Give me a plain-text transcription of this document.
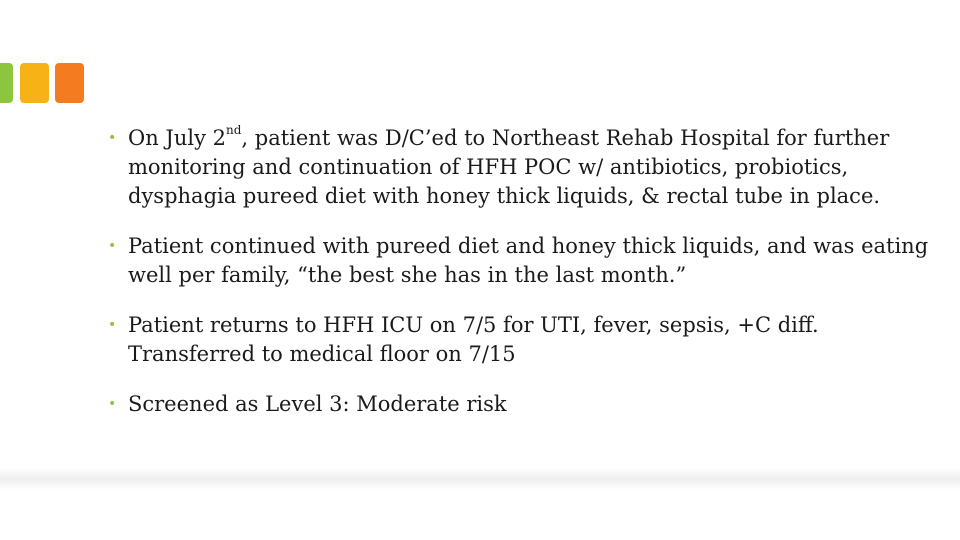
• On July 2nd, patient was D/C’ed to Northeast Rehab Hospital for further monitoring and continuation of HFH POC w/ antibiotics, probiotics, dysphagia pureed diet with honey thick liquids, & rectal tube in place.
• Patient continued with pureed diet and honey thick liquids, and was eating well per family, “the best she has in the last month.”
• Patient returns to HFH ICU on 7/5 for UTI, fever, sepsis, +C diff. Transferred to medical floor on 7/15
• Screened as Level 3: Moderate risk
